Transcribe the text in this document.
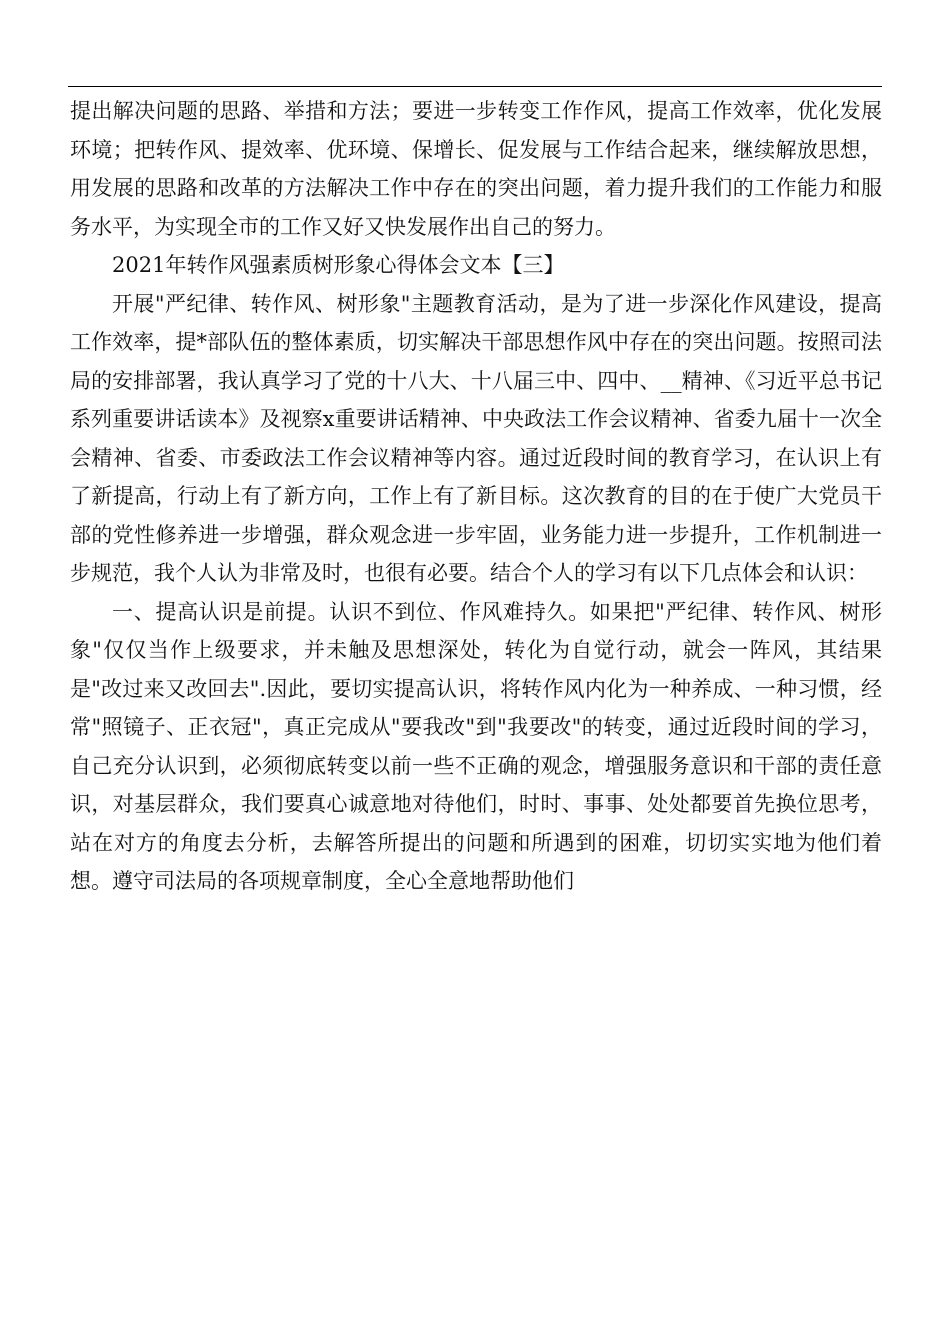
提出解决问题的思路、举措和方法；要进一步转变工作作风，提高工作效率，优化发展环境；把转作风、提效率、优环境、保增长、促发展与工作结合起来，继续解放思想，用发展的思路和改革的方法解决工作中存在的突出问题，着力提升我们的工作能力和服务水平，为实现全市的工作又好又快发展作出自己的努力。

2021年转作风强素质树形象心得体会文本【三】

开展"严纪律、转作风、树形象"主题教育活动，是为了进一步深化作风建设，提高工作效率，提*部队伍的整体素质，切实解决干部思想作风中存在的突出问题。按照司法局的安排部署，我认真学习了党的十八大、十八届三中、四中、__精神、《习近平总书记系列重要讲话读本》及视察x重要讲话精神、中央政法工作会议精神、省委九届十一次全会精神、省委、市委政法工作会议精神等内容。通过近段时间的教育学习，在认识上有了新提高，行动上有了新方向，工作上有了新目标。这次教育的目的在于使广大党员干部的党性修养进一步增强，群众观念进一步牢固，业务能力进一步提升，工作机制进一步规范，我个人认为非常及时，也很有必要。结合个人的学习有以下几点体会和认识：

一、提高认识是前提。认识不到位、作风难持久。如果把"严纪律、转作风、树形象"仅仅当作上级要求，并未触及思想深处，转化为自觉行动，就会一阵风，其结果是"改过来又改回去".因此，要切实提高认识，将转作风内化为一种养成、一种习惯，经常"照镜子、正衣冠"，真正完成从"要我改"到"我要改"的转变，通过近段时间的学习，自己充分认识到，必须彻底转变以前一些不正确的观念，增强服务意识和干部的责任意识，对基层群众，我们要真心诚意地对待他们，时时、事事、处处都要首先换位思考，站在对方的角度去分析，去解答所提出的问题和所遇到的困难，切切实实地为他们着想。遵守司法局的各项规章制度，全心全意地帮助他们
